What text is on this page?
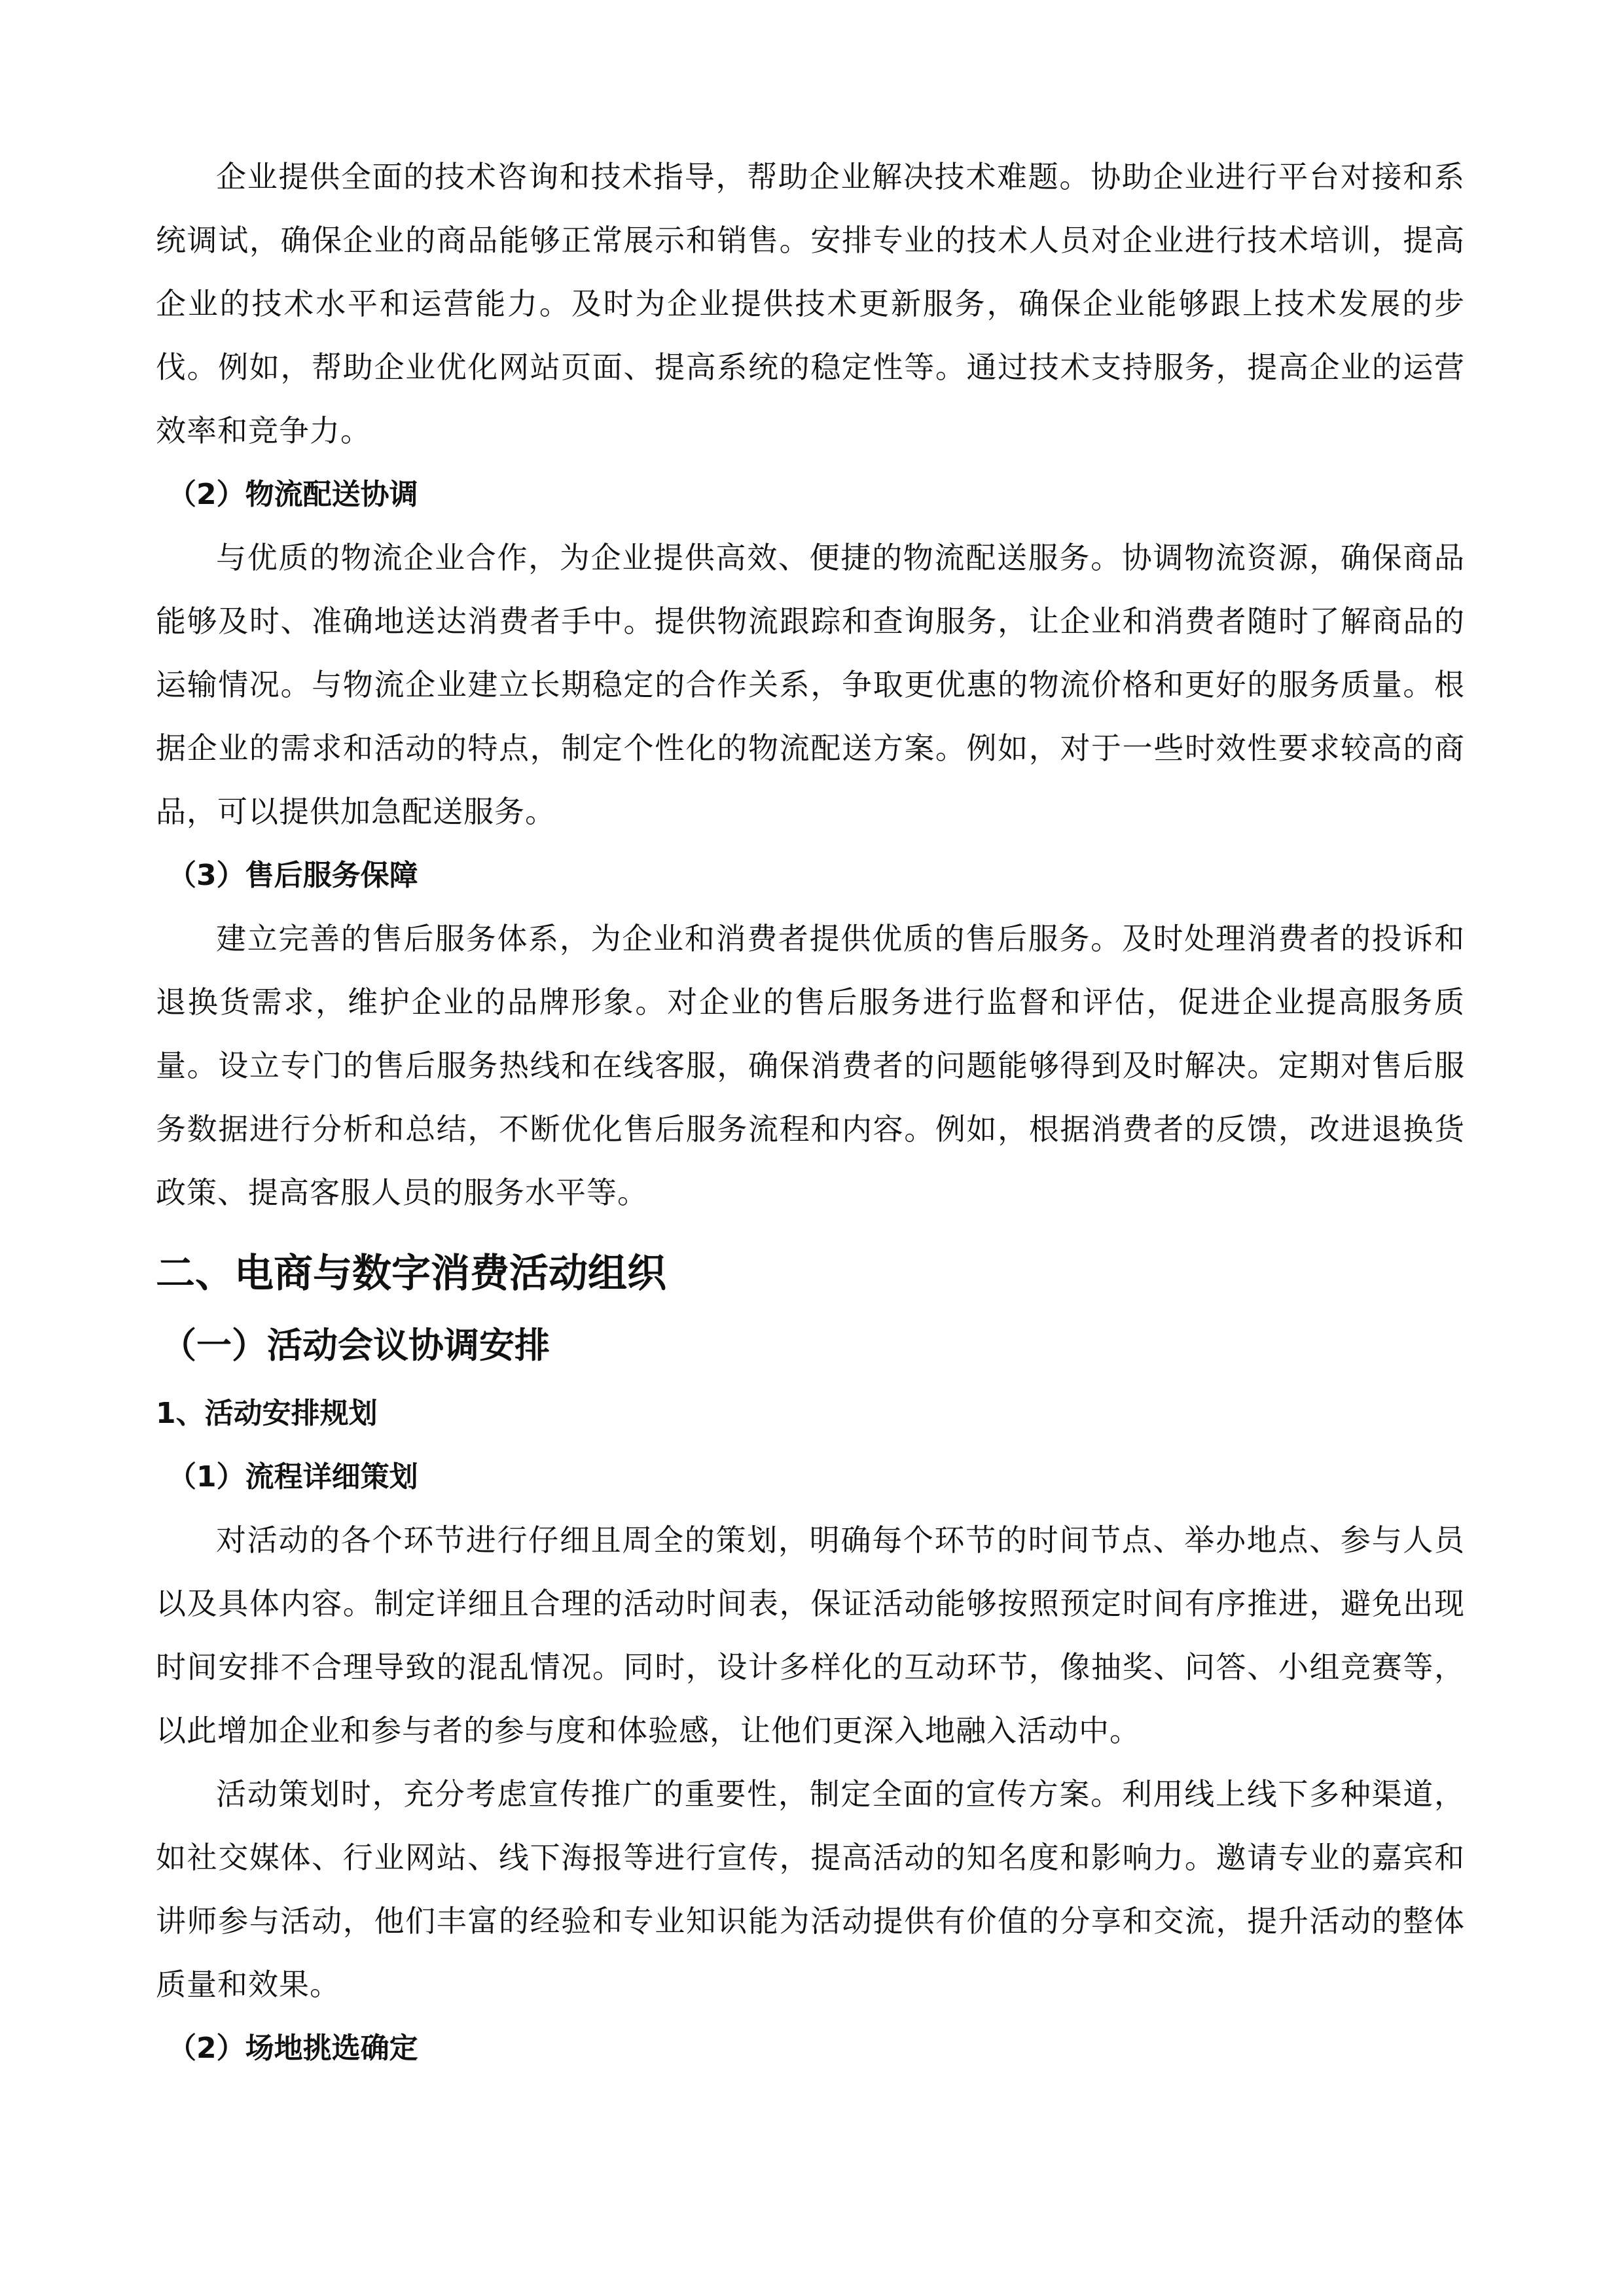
企业提供全面的技术咨询和技术指导，帮助企业解决技术难题。协助企业进行平台对接和系统调试，确保企业的商品能够正常展示和销售。安排专业的技术人员对企业进行技术培训，提高企业的技术水平和运营能力。及时为企业提供技术更新服务，确保企业能够跟上技术发展的步伐。例如，帮助企业优化网站页面、提高系统的稳定性等。通过技术支持服务，提高企业的运营效率和竞争力。

（2）物流配送协调

与优质的物流企业合作，为企业提供高效、便捷的物流配送服务。协调物流资源，确保商品能够及时、准确地送达消费者手中。提供物流跟踪和查询服务，让企业和消费者随时了解商品的运输情况。与物流企业建立长期稳定的合作关系，争取更优惠的物流价格和更好的服务质量。根据企业的需求和活动的特点，制定个性化的物流配送方案。例如，对于一些时效性要求较高的商品，可以提供加急配送服务。

（3）售后服务保障

建立完善的售后服务体系，为企业和消费者提供优质的售后服务。及时处理消费者的投诉和退换货需求，维护企业的品牌形象。对企业的售后服务进行监督和评估，促进企业提高服务质量。设立专门的售后服务热线和在线客服，确保消费者的问题能够得到及时解决。定期对售后服务数据进行分析和总结，不断优化售后服务流程和内容。例如，根据消费者的反馈，改进退换货政策、提高客服人员的服务水平等。

二、电商与数字消费活动组织
（一）活动会议协调安排
1、活动安排规划
（1）流程详细策划

对活动的各个环节进行仔细且周全的策划，明确每个环节的时间节点、举办地点、参与人员以及具体内容。制定详细且合理的活动时间表，保证活动能够按照预定时间有序推进，避免出现时间安排不合理导致的混乱情况。同时，设计多样化的互动环节，像抽奖、问答、小组竞赛等，以此增加企业和参与者的参与度和体验感，让他们更深入地融入活动中。

活动策划时，充分考虑宣传推广的重要性，制定全面的宣传方案。利用线上线下多种渠道，如社交媒体、行业网站、线下海报等进行宣传，提高活动的知名度和影响力。邀请专业的嘉宾和讲师参与活动，他们丰富的经验和专业知识能为活动提供有价值的分享和交流，提升活动的整体质量和效果。

（2）场地挑选确定
